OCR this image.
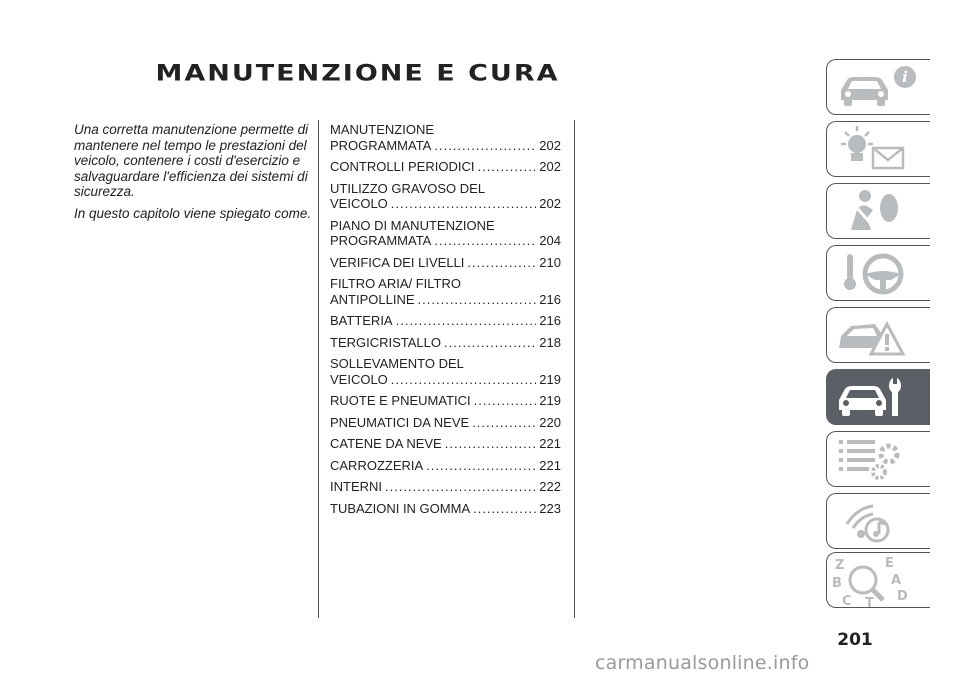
MANUTENZIONE E CURA

Una corretta manutenzione permette di mantenere nel tempo le prestazioni del veicolo, contenere i costi d'esercizio e salvaguardare l'efficienza dei sistemi di sicurezza.

In questo capitolo viene spiegato come.

MANUTENZIONE
PROGRAMMATA .....	202
CONTROLLI PERIODICI .....	202
UTILIZZO GRAVOSO DEL
VEICOLO .....	202
PIANO DI MANUTENZIONE
PROGRAMMATA .....	204
VERIFICA DEI LIVELLI .....	210
FILTRO ARIA/ FILTRO
ANTIPOLLINE .....	216
BATTERIA .....	216
TERGICRISTALLO .....	218
SOLLEVAMENTO DEL
VEICOLO .....	219
RUOTE E PNEUMATICI .....	219
PNEUMATICI DA NEVE .....	220
CATENE DA NEVE .....	221
CARROZZERIA .....	221
INTERNI .....	222
TUBAZIONI IN GOMMA .....	223
i
Z	E
B	A
C T D
201
carmanualsonline.info
